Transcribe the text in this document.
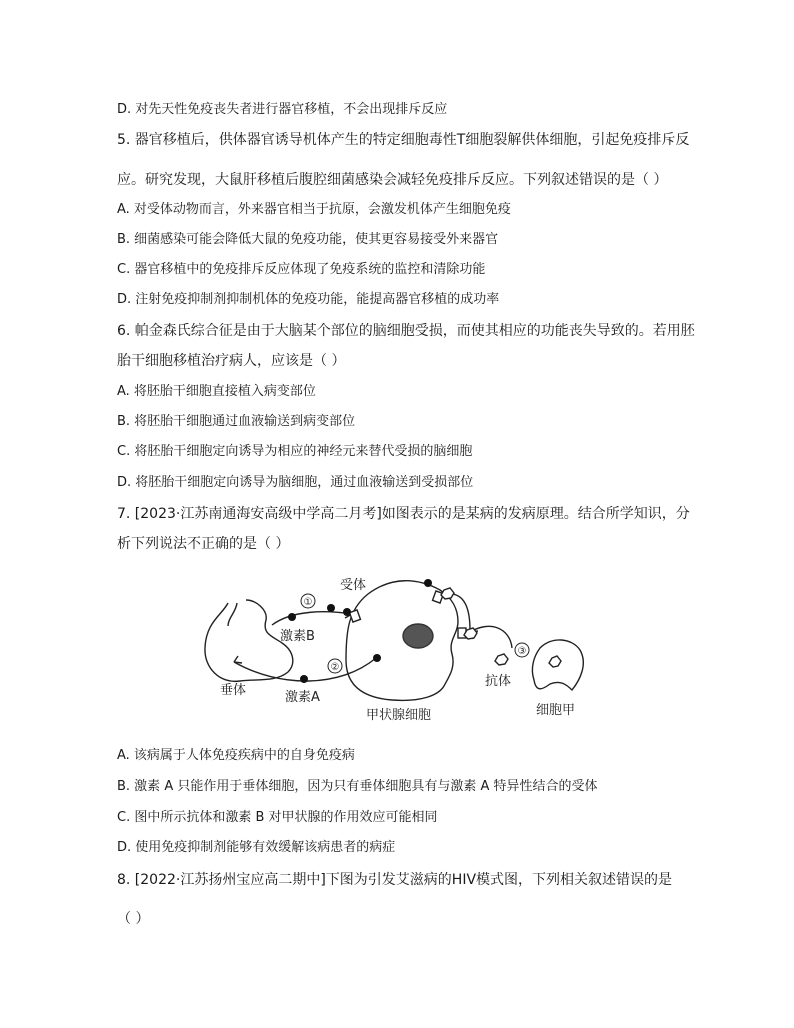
D. 对先天性免疫丧失者进行器官移植，不会出现排斥反应
5. 器官移植后，供体器官诱导机体产生的特定细胞毒性T细胞裂解供体细胞，引起免疫排斥反
应。研究发现，大鼠肝移植后腹腔细菌感染会减轻免疫排斥反应。下列叙述错误的是（ ）
A. 对受体动物而言，外来器官相当于抗原，会激发机体产生细胞免疫
B. 细菌感染可能会降低大鼠的免疫功能，使其更容易接受外来器官
C. 器官移植中的免疫排斥反应体现了免疫系统的监控和清除功能
D. 注射免疫抑制剂抑制机体的免疫功能，能提高器官移植的成功率
6. 帕金森氏综合征是由于大脑某个部位的脑细胞受损，而使其相应的功能丧失导致的。若用胚
胎干细胞移植治疗病人，应该是（ ）
A. 将胚胎干细胞直接植入病变部位
B. 将胚胎干细胞通过血液输送到病变部位
C. 将胚胎干细胞定向诱导为相应的神经元来替代受损的脑细胞
D. 将胚胎干细胞定向诱导为脑细胞，通过血液输送到受损部位
7. [2023·江苏南通海安高级中学高二月考]如图表示的是某病的发病原理。结合所学知识，分
析下列说法不正确的是（ ）
①
②
③
受体
激素B
激素A
垂体
甲状腺细胞
抗体
细胞甲
A. 该病属于人体免疫疾病中的自身免疫病
B. 激素 A 只能作用于垂体细胞，因为只有垂体细胞具有与激素 A 特异性结合的受体
C. 图中所示抗体和激素 B 对甲状腺的作用效应可能相同
D. 使用免疫抑制剂能够有效缓解该病患者的病症
8. [2022·江苏扬州宝应高二期中]下图为引发艾滋病的HIV模式图，下列相关叙述错误的是
（ ）
